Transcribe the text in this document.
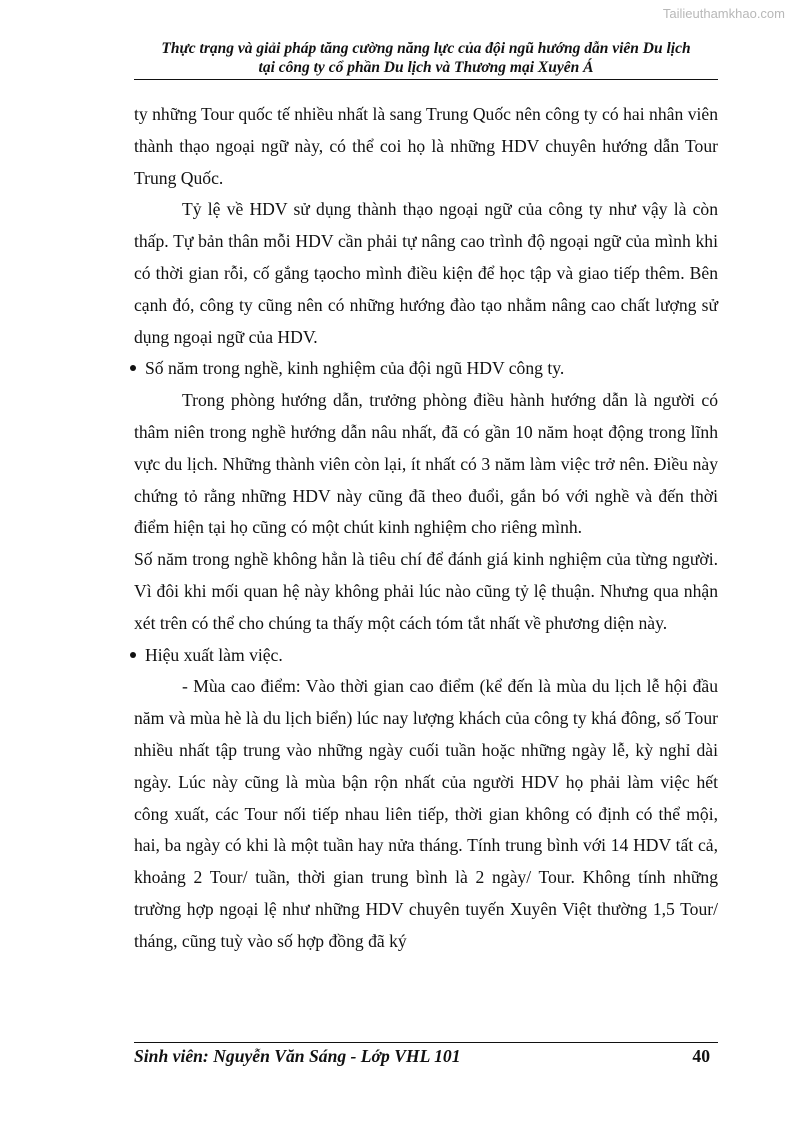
Tailieuthamkhao.com
Thực trạng và giải pháp tăng cường năng lực của đội ngũ hướng dẫn viên Du lịch
tại công ty cổ phần Du lịch và Thương mại Xuyên Á

ty những Tour quốc tế nhiều nhất là sang Trung Quốc nên công ty có hai nhân viên thành thạo ngoại ngữ này, có thể coi họ là những HDV chuyên hướng dẫn Tour Trung Quốc.

Tỷ lệ về HDV sử dụng thành thạo ngoại ngữ của công ty như vậy là còn thấp. Tự bản thân mỗi HDV cần phải tự nâng cao trình độ ngoại ngữ của mình khi có thời gian rỗi, cố gắng tạocho mình điều kiện để học tập và giao tiếp thêm. Bên cạnh đó, công ty cũng nên có những hướng đào tạo nhằm nâng cao chất lượng sử dụng ngoại ngữ của HDV.

Số năm trong nghề, kinh nghiệm của đội ngũ HDV công ty.

Trong phòng hướng dẫn, trưởng phòng điều hành hướng dẫn là người có thâm niên trong nghề hướng dẫn nâu nhất, đã có gần 10 năm hoạt động trong lĩnh vực du lịch. Những thành viên còn lại, ít nhất có 3 năm làm việc trở nên. Điều này chứng tỏ rằng những HDV này cũng đã theo đuổi, gắn bó với nghề và đến thời điểm hiện tại họ cũng có một chút kinh nghiệm cho riêng mình.

Số năm trong nghề không hẳn là tiêu chí để đánh giá kinh nghiệm của từng người. Vì đôi khi mối quan hệ này không phải lúc nào cũng tỷ lệ thuận. Nhưng qua nhận xét trên có thể cho chúng ta thấy một cách tóm tắt nhất về phương diện này.

Hiệu xuất làm việc.

- Mùa cao điểm: Vào thời gian cao điểm (kể đến là mùa du lịch lễ hội đầu năm và mùa hè là du lịch biển) lúc nay lượng khách của công ty khá đông, số Tour nhiều nhất tập trung vào những ngày cuối tuần hoặc những ngày lễ, kỳ nghỉ dài ngày. Lúc này cũng là mùa bận rộn nhất của người HDV họ phải làm việc hết công xuất, các Tour nối tiếp nhau liên tiếp, thời gian không có định có thể mội, hai, ba ngày có khi là một tuần hay nửa tháng. Tính trung bình với 14 HDV tất cả, khoảng 2 Tour/ tuần, thời gian trung bình là 2 ngày/ Tour. Không tính những trường hợp ngoại lệ như những HDV chuyên tuyến Xuyên Việt thường 1,5 Tour/ tháng, cũng tuỳ vào số hợp đồng đã ký

Sinh viên: Nguyễn Văn Sáng - Lớp VHL 101	40
